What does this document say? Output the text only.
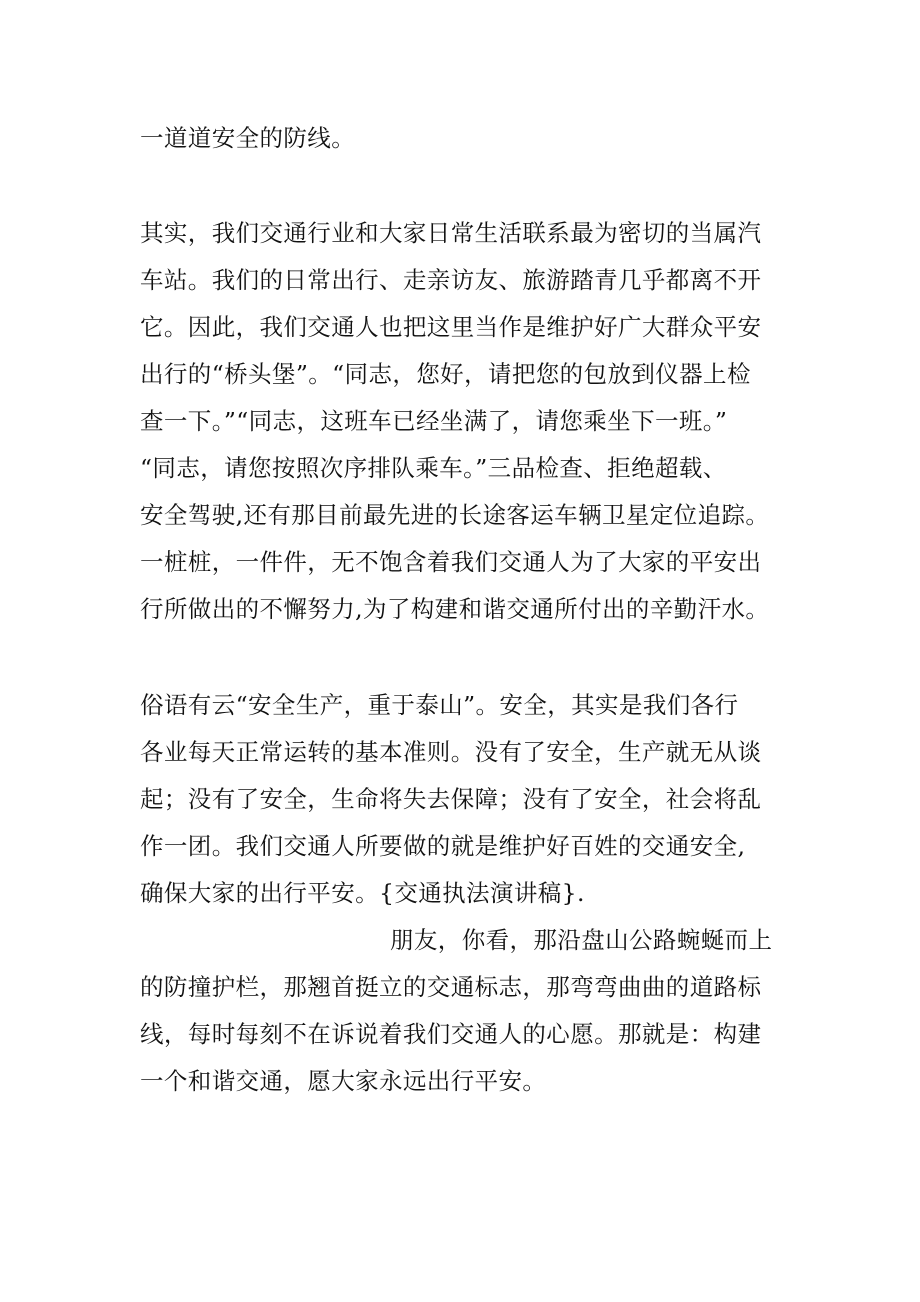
一道道安全的防线。
其实，我们交通行业和大家日常生活联系最为密切的当属汽
车站。我们的日常出行、走亲访友、旅游踏青几乎都离不开
它。因此，我们交通人也把这里当作是维护好广大群众平安
出行的“桥头堡”。“同志，您好，请把您的包放到仪器上检
查一下。”“同志，这班车已经坐满了，请您乘坐下一班。”
“同志，请您按照次序排队乘车。”三品检查、拒绝超载、
安全驾驶,还有那目前最先进的长途客运车辆卫星定位追踪。
一桩桩，一件件，无不饱含着我们交通人为了大家的平安出
行所做出的不懈努力,为了构建和谐交通所付出的辛勤汗水。
俗语有云“安全生产，重于泰山”。安全，其实是我们各行
各业每天正常运转的基本准则。没有了安全，生产就无从谈
起；没有了安全，生命将失去保障；没有了安全，社会将乱
作一团。我们交通人所要做的就是维护好百姓的交通安全,
确保大家的出行平安。{交通执法演讲稿}.
朋友，你看，那沿盘山公路蜿蜒而上
的防撞护栏，那翘首挺立的交通标志，那弯弯曲曲的道路标
线，每时每刻不在诉说着我们交通人的心愿。那就是：构建
一个和谐交通，愿大家永远出行平安。
